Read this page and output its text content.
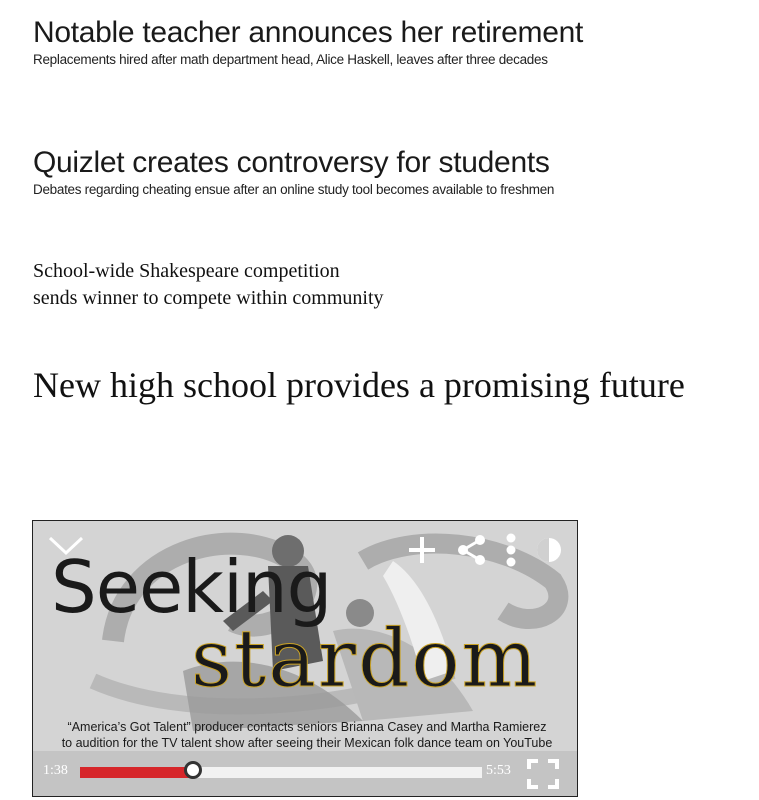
Notable teacher announces her retirement
Replacements hired after math department head, Alice Haskell, leaves after three decades
Quizlet creates controversy for students
Debates regarding cheating ensue after an online study tool becomes available to freshmen
School-wide Shakespeare competition
sends winner to compete within community
New high school provides a promising future
Seeking
stardom
“America’s Got Talent” producer contacts seniors Brianna Casey and Martha Ramierez
to audition for the TV talent show after seeing their Mexican folk dance team on YouTube
1:38	5:53
